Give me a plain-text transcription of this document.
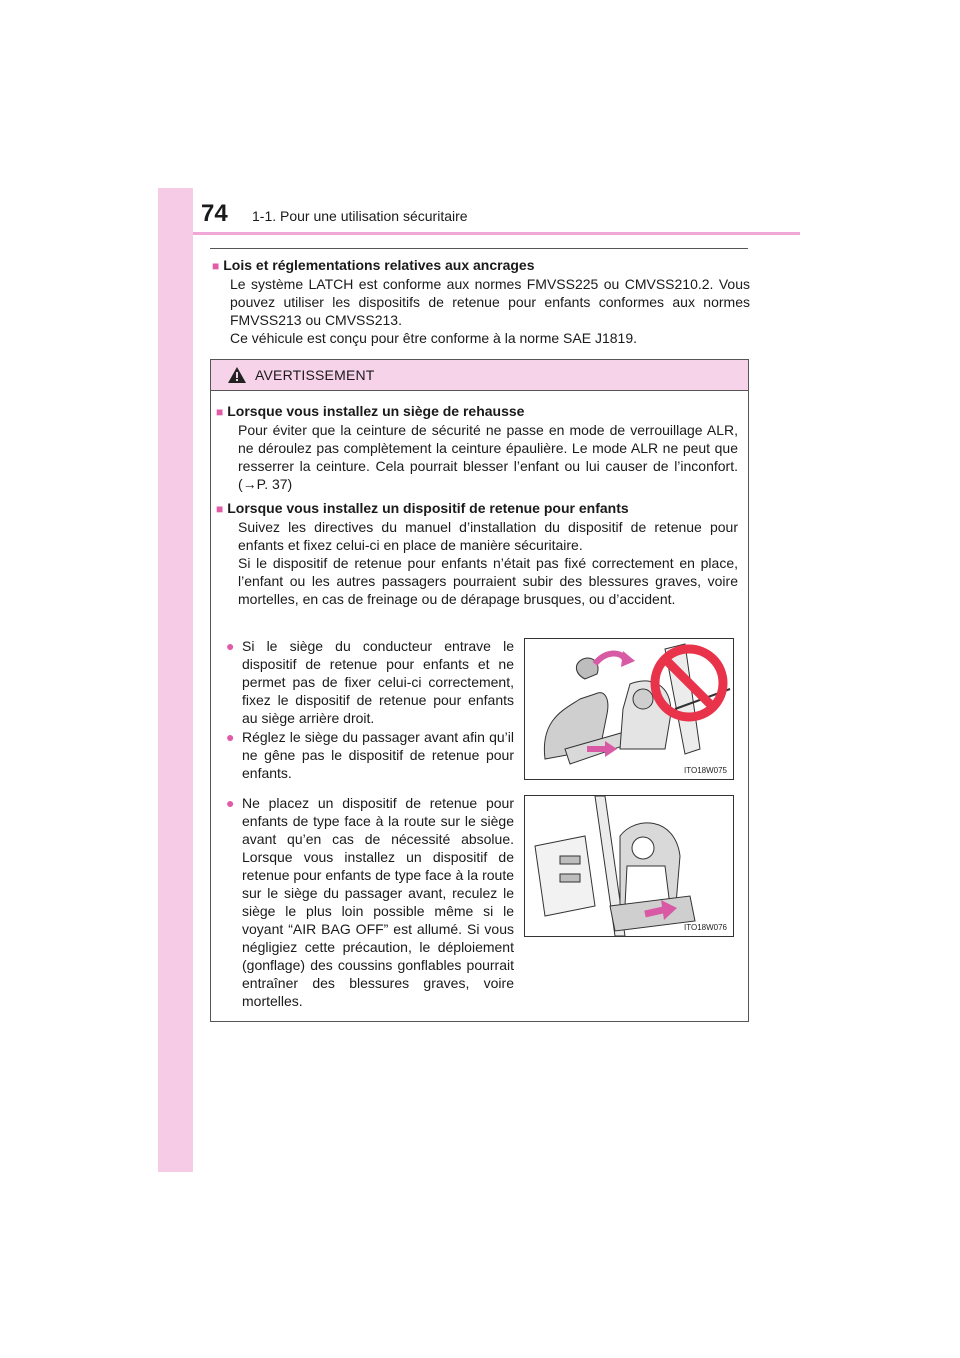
74 1-1. Pour une utilisation sécuritaire
■ Lois et réglementations relatives aux ancrages
Le système LATCH est conforme aux normes FMVSS225 ou CMVSS210.2. Vous pouvez utiliser les dispositifs de retenue pour enfants conformes aux normes FMVSS213 ou CMVSS213.
Ce véhicule est conçu pour être conforme à la norme SAE J1819.
AVERTISSEMENT
■ Lorsque vous installez un siège de rehausse
Pour éviter que la ceinture de sécurité ne passe en mode de verrouillage ALR, ne déroulez pas complètement la ceinture épaulière. Le mode ALR ne peut que resserrer la ceinture. Cela pourrait blesser l’enfant ou lui causer de l’inconfort. (→P. 37)
■ Lorsque vous installez un dispositif de retenue pour enfants
Suivez les directives du manuel d’installation du dispositif de retenue pour enfants et fixez celui-ci en place de manière sécuritaire.
Si le dispositif de retenue pour enfants n’était pas fixé correctement en place, l’enfant ou les autres passagers pourraient subir des blessures graves, voire mortelles, en cas de freinage ou de dérapage brusques, ou d’accident.
● Si le siège du conducteur entrave le dispositif de retenue pour enfants et ne permet pas de fixer celui-ci correctement, fixez le dispositif de retenue pour enfants au siège arrière droit.
● Réglez le siège du passager avant afin qu’il ne gêne pas le dispositif de retenue pour enfants.
● Ne placez un dispositif de retenue pour enfants de type face à la route sur le siège avant qu’en cas de nécessité absolue. Lorsque vous installez un dispositif de retenue pour enfants de type face à la route sur le siège du passager avant, reculez le siège le plus loin possible même si le voyant “AIR BAG OFF” est allumé. Si vous négligiez cette précaution, le déploiement (gonflage) des coussins gonflables pourrait entraîner des blessures graves, voire mortelles.
ITO18W075
ITO18W076
